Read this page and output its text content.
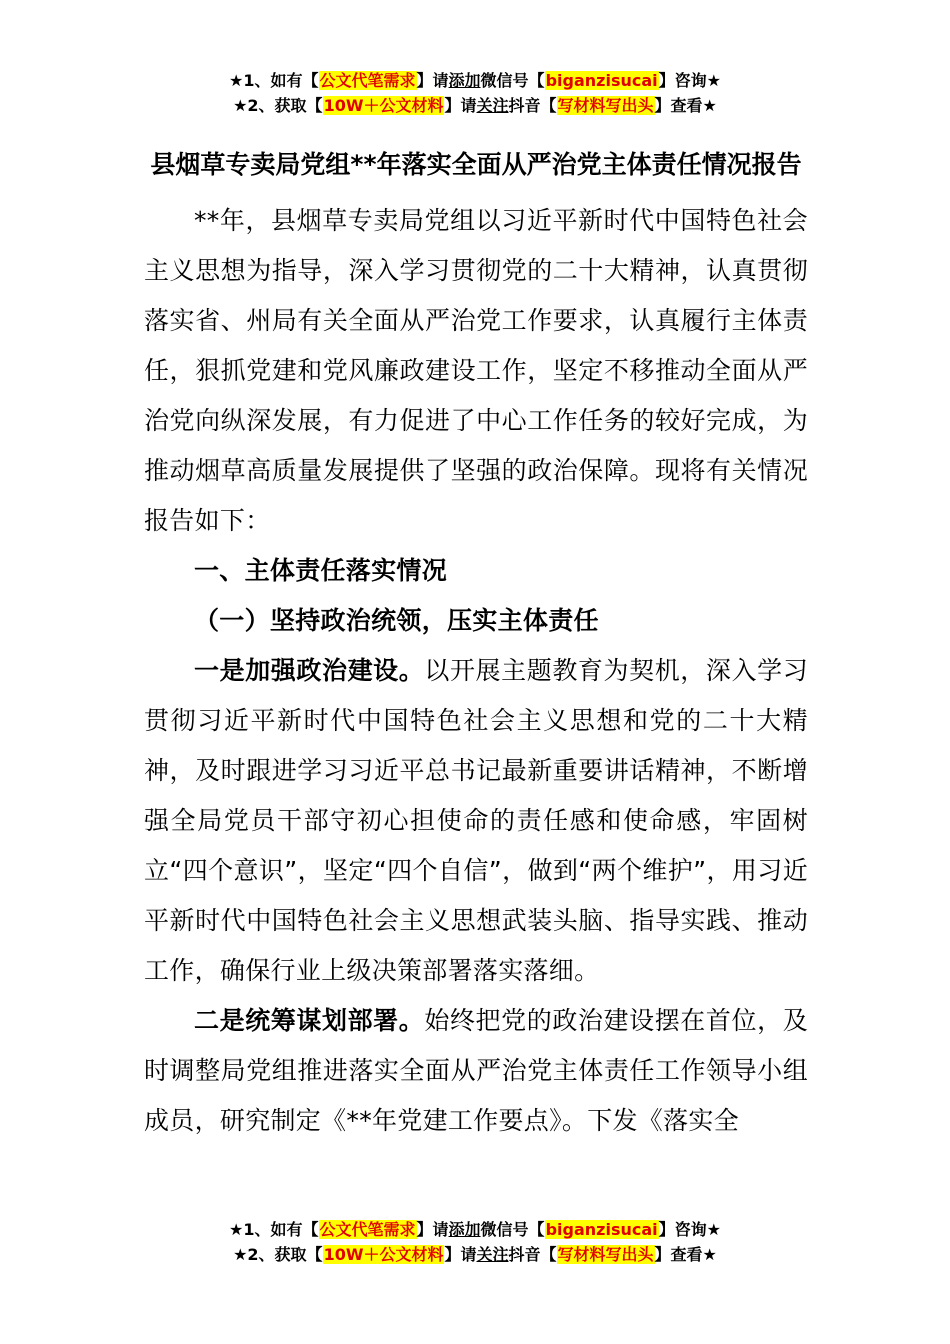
★1、如有【公文代笔需求】请添加微信号【biganzisucai】咨询★
★2、获取【10W＋公文材料】请关注抖音【写材料写出头】查看★
县烟草专卖局党组**年落实全面从严治党主体责任情况报告

**年，县烟草专卖局党组以习近平新时代中国特色社会主义思想为指导，深入学习贯彻党的二十大精神，认真贯彻落实省、州局有关全面从严治党工作要求，认真履行主体责任，狠抓党建和党风廉政建设工作，坚定不移推动全面从严治党向纵深发展，有力促进了中心工作任务的较好完成，为推动烟草高质量发展提供了坚强的政治保障。现将有关情况报告如下：

一、主体责任落实情况

（一）坚持政治统领，压实主体责任

一是加强政治建设。以开展主题教育为契机，深入学习贯彻习近平新时代中国特色社会主义思想和党的二十大精神，及时跟进学习习近平总书记最新重要讲话精神，不断增强全局党员干部守初心担使命的责任感和使命感，牢固树立“四个意识”，坚定“四个自信”，做到“两个维护”，用习近平新时代中国特色社会主义思想武装头脑、指导实践、推动工作，确保行业上级决策部署落实落细。

二是统筹谋划部署。始终把党的政治建设摆在首位，及时调整局党组推进落实全面从严治党主体责任工作领导小组成员，研究制定《**年党建工作要点》。下发《落实全

★1、如有【公文代笔需求】请添加微信号【biganzisucai】咨询★
★2、获取【10W＋公文材料】请关注抖音【写材料写出头】查看★
